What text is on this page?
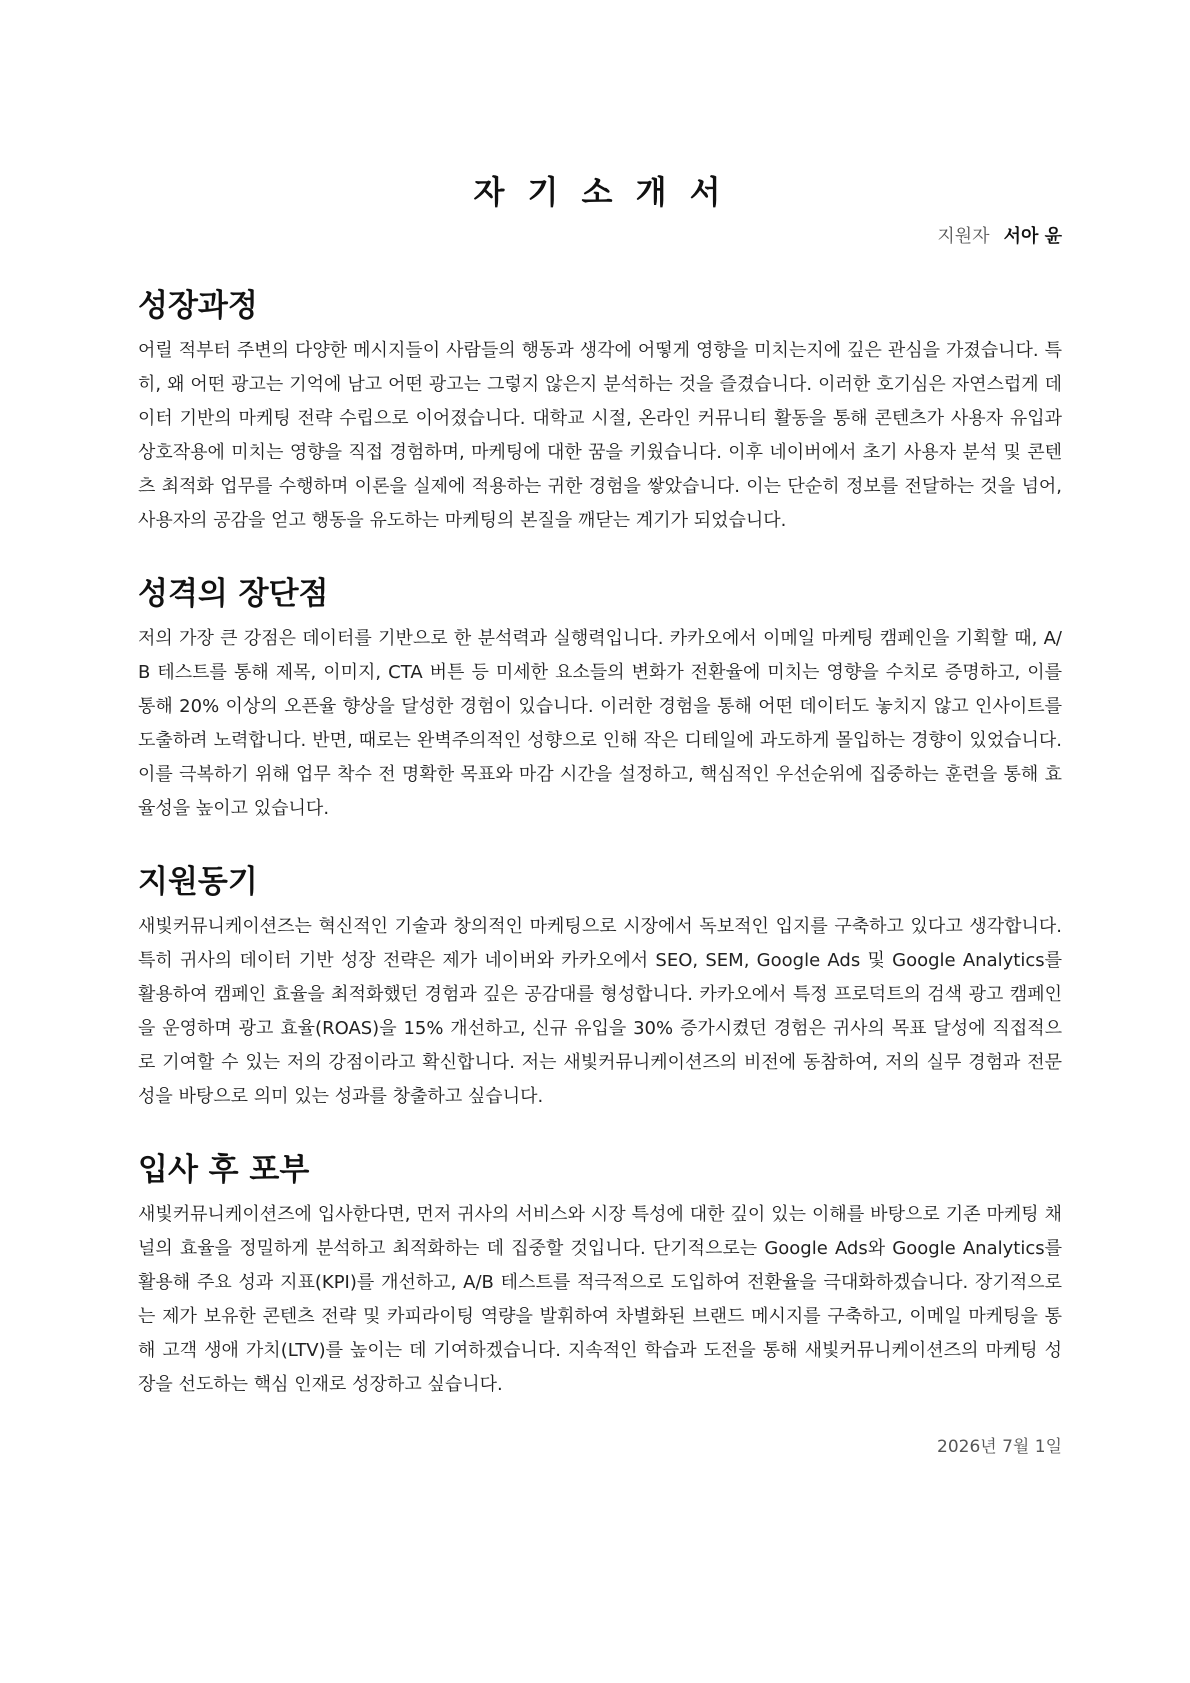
자 기 소 개 서
지원자 서아 윤
성장과정

어릴 적부터 주변의 다양한 메시지들이 사람들의 행동과 생각에 어떻게 영향을 미치는지에 깊은 관심을 가졌습니다. 특히, 왜 어떤 광고는 기억에 남고 어떤 광고는 그렇지 않은지 분석하는 것을 즐겼습니다. 이러한 호기심은 자연스럽게 데이터 기반의 마케팅 전략 수립으로 이어졌습니다. 대학교 시절, 온라인 커뮤니티 활동을 통해 콘텐츠가 사용자 유입과 상호작용에 미치는 영향을 직접 경험하며, 마케팅에 대한 꿈을 키웠습니다. 이후 네이버에서 초기 사용자 분석 및 콘텐츠 최적화 업무를 수행하며 이론을 실제에 적용하는 귀한 경험을 쌓았습니다. 이는 단순히 정보를 전달하는 것을 넘어, 사용자의 공감을 얻고 행동을 유도하는 마케팅의 본질을 깨닫는 계기가 되었습니다.

성격의 장단점

저의 가장 큰 강점은 데이터를 기반으로 한 분석력과 실행력입니다. 카카오에서 이메일 마케팅 캠페인을 기획할 때, A/B 테스트를 통해 제목, 이미지, CTA 버튼 등 미세한 요소들의 변화가 전환율에 미치는 영향을 수치로 증명하고, 이를 통해 20% 이상의 오픈율 향상을 달성한 경험이 있습니다. 이러한 경험을 통해 어떤 데이터도 놓치지 않고 인사이트를 도출하려 노력합니다. 반면, 때로는 완벽주의적인 성향으로 인해 작은 디테일에 과도하게 몰입하는 경향이 있었습니다. 이를 극복하기 위해 업무 착수 전 명확한 목표와 마감 시간을 설정하고, 핵심적인 우선순위에 집중하는 훈련을 통해 효율성을 높이고 있습니다.

지원동기

새빛커뮤니케이션즈는 혁신적인 기술과 창의적인 마케팅으로 시장에서 독보적인 입지를 구축하고 있다고 생각합니다. 특히 귀사의 데이터 기반 성장 전략은 제가 네이버와 카카오에서 SEO, SEM, Google Ads 및 Google Analytics를 활용하여 캠페인 효율을 최적화했던 경험과 깊은 공감대를 형성합니다. 카카오에서 특정 프로덕트의 검색 광고 캠페인을 운영하며 광고 효율(ROAS)을 15% 개선하고, 신규 유입을 30% 증가시켰던 경험은 귀사의 목표 달성에 직접적으로 기여할 수 있는 저의 강점이라고 확신합니다. 저는 새빛커뮤니케이션즈의 비전에 동참하여, 저의 실무 경험과 전문성을 바탕으로 의미 있는 성과를 창출하고 싶습니다.

입사 후 포부

새빛커뮤니케이션즈에 입사한다면, 먼저 귀사의 서비스와 시장 특성에 대한 깊이 있는 이해를 바탕으로 기존 마케팅 채널의 효율을 정밀하게 분석하고 최적화하는 데 집중할 것입니다. 단기적으로는 Google Ads와 Google Analytics를 활용해 주요 성과 지표(KPI)를 개선하고, A/B 테스트를 적극적으로 도입하여 전환율을 극대화하겠습니다. 장기적으로는 제가 보유한 콘텐츠 전략 및 카피라이팅 역량을 발휘하여 차별화된 브랜드 메시지를 구축하고, 이메일 마케팅을 통해 고객 생애 가치(LTV)를 높이는 데 기여하겠습니다. 지속적인 학습과 도전을 통해 새빛커뮤니케이션즈의 마케팅 성장을 선도하는 핵심 인재로 성장하고 싶습니다.

2026년 7월 1일
